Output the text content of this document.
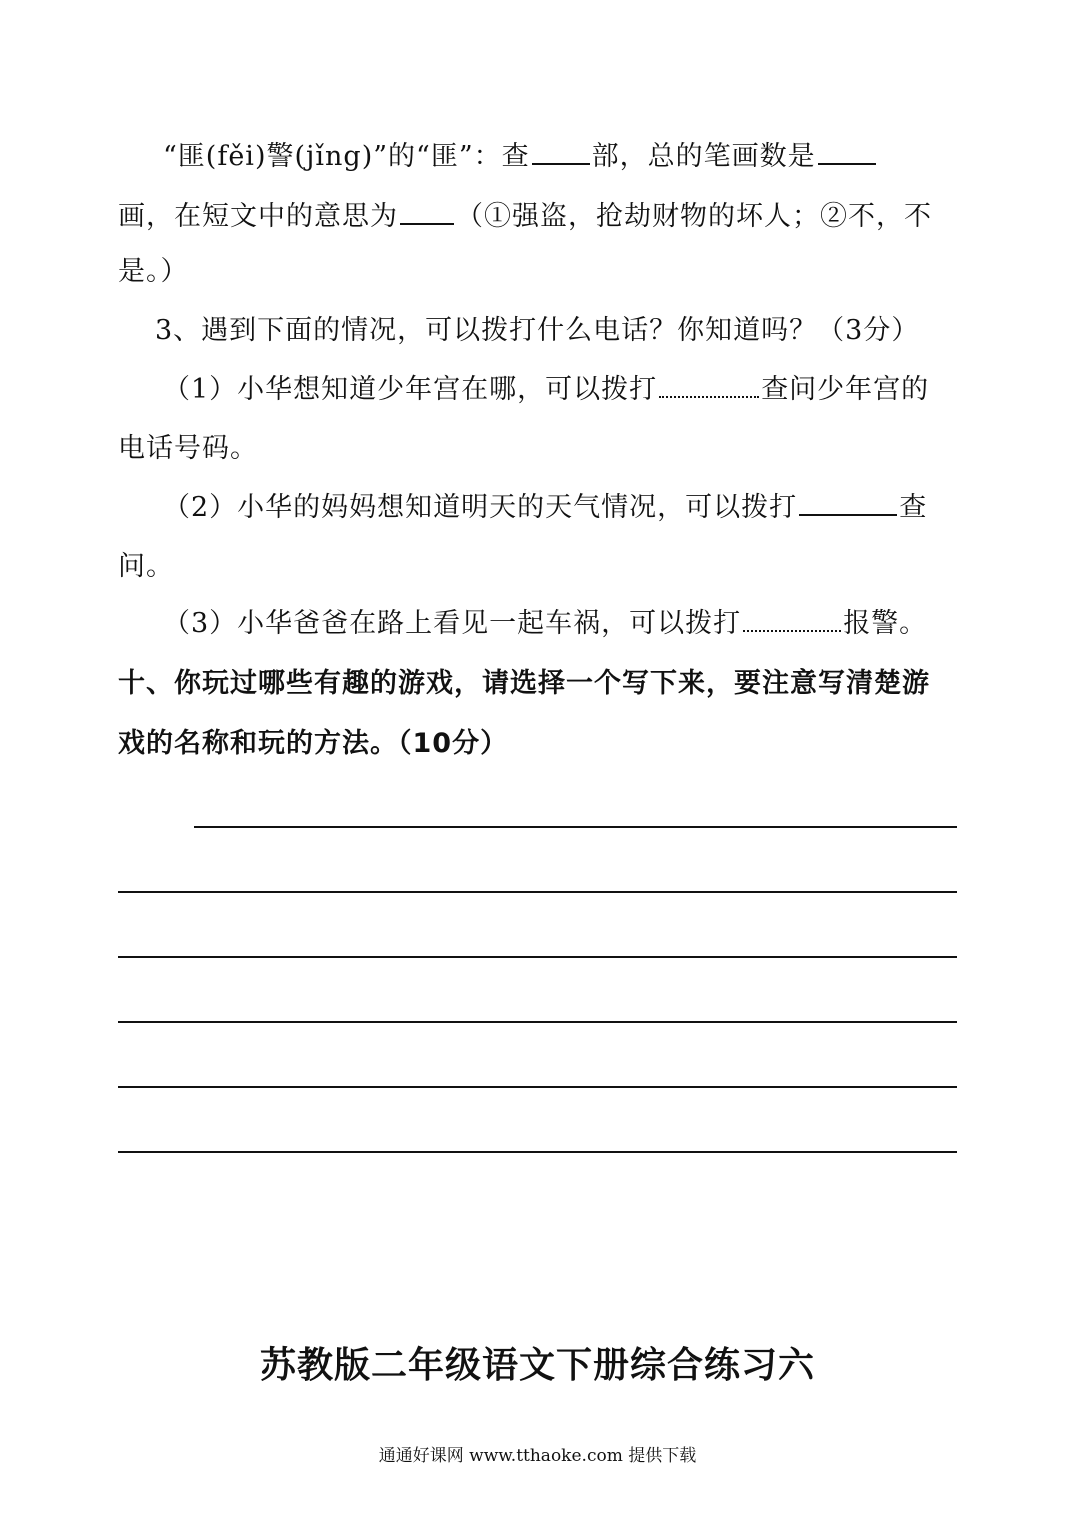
“匪(fěi)警(jǐng)”的“匪”：查 部，总的笔画数是
画，在短文中的意思为 （①强盗，抢劫财物的坏人；②不，不
是。）
3、遇到下面的情况，可以拨打什么电话？你知道吗？（3分）
（1）小华想知道少年宫在哪，可以拨打	查问少年宫的
电话号码。
（2）小华的妈妈想知道明天的天气情况，可以拨打	查
问。
（3）小华爸爸在路上看见一起车祸，可以拨打	报警。
十、你玩过哪些有趣的游戏，请选择一个写下来，要注意写清楚游
戏的名称和玩的方法。（10分）
苏教版二年级语文下册综合练习六
通通好课网 www.tthaoke.com 提供下载
